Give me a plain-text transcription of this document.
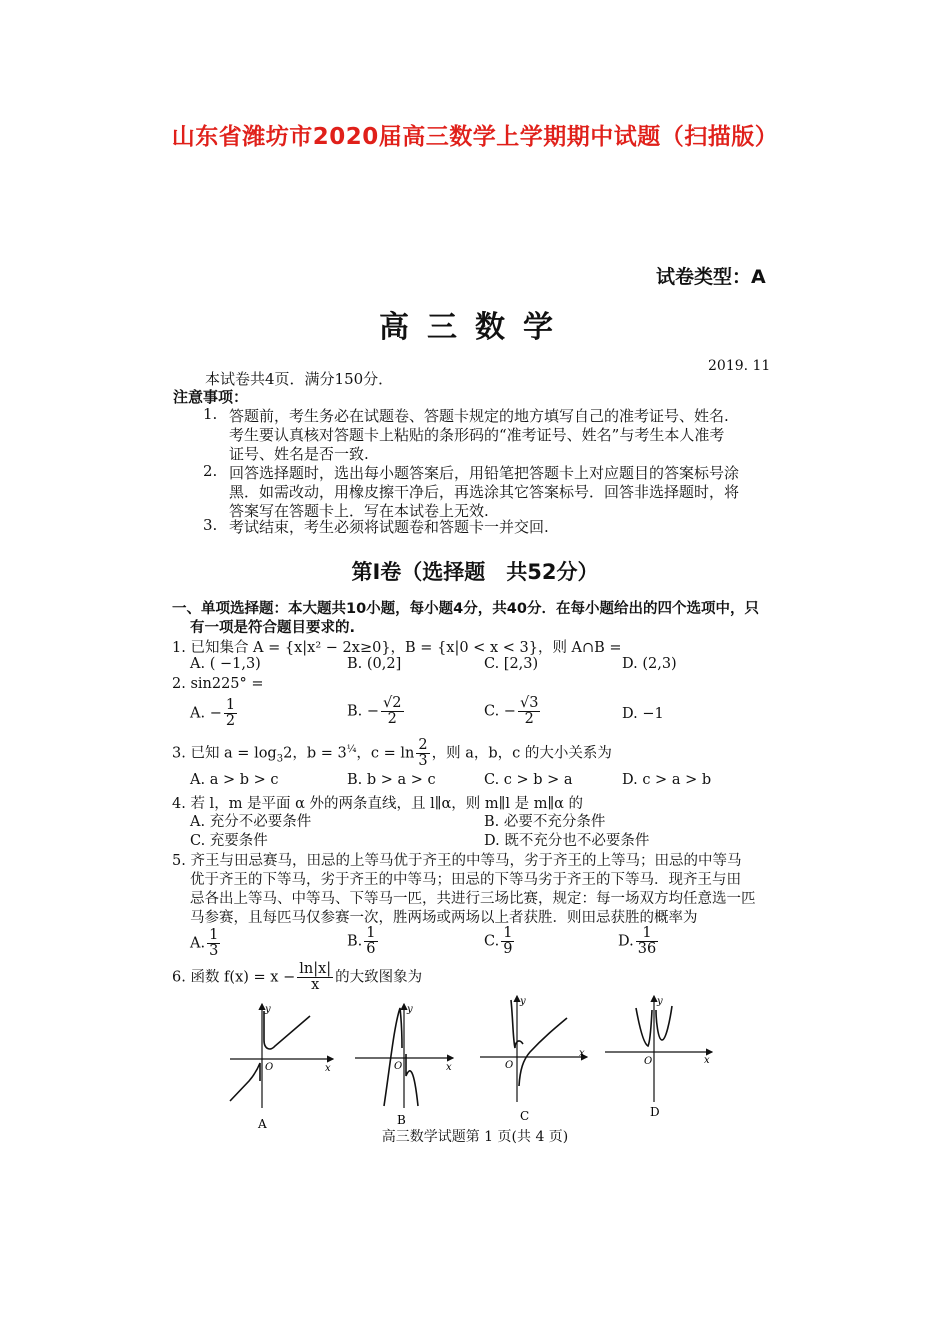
山东省潍坊市2020届高三数学上学期期中试题（扫描版）
试卷类型：A
高三数学
2019. 11
本试卷共4页．满分150分．
注意事项：
1. 答题前，考生务必在试题卷、答题卡规定的地方填写自己的准考证号、姓名.
考生要认真核对答题卡上粘贴的条形码的“准考证号、姓名”与考生本人准考
证号、姓名是否一致.
2. 回答选择题时，选出每小题答案后，用铅笔把答题卡上对应题目的答案标号涂
黑．如需改动，用橡皮擦干净后，再选涂其它答案标号．回答非选择题时，将
答案写在答题卡上．写在本试卷上无效.
3. 考试结束，考生必须将试题卷和答题卡一并交回.
第Ⅰ卷（选择题　共52分）
一、单项选择题：本大题共10小题，每小题4分，共40分．在每小题给出的四个选项中，只
有一项是符合题目要求的.
1. 已知集合 A = {x|x² − 2x≥0}，B = {x|0 < x < 3}，则 A∩B =
A. ( −1,3)	B. (0,2]	C. [2,3)	D. (2,3)
2. sin225° =
A. − $\frac{1}{2}$	B. − $\frac{√2}{2}$	C. − $\frac{√3}{2}$	D. −1
3. 已知 $a = \log_32$，$b = 3^{\frac{1}{4}}$，$c = \ln \frac{2}{3}$ ，则 a，b，c 的大小关系为
A. a > b > c	B. b > a > c	C. c > b > a	D. c > a > b
4. 若 l，m 是平面 α 外的两条直线，且 l∥α，则 m∥l 是 m∥α 的
A. 充分不必要条件	B. 必要不充分条件
C. 充要条件	D. 既不充分也不必要条件
5. 齐王与田忌赛马，田忌的上等马优于齐王的中等马，劣于齐王的上等马；田忌的中等马
优于齐王的下等马，劣于齐王的中等马；田忌的下等马劣于齐王的下等马．现齐王与田
忌各出上等马、中等马、下等马一匹，共进行三场比赛，规定：每一场双方均任意选一匹
马参赛，且每匹马仅参赛一次，胜两场或两场以上者获胜．则田忌获胜的概率为
A. $\frac{1}{3}$	B. $\frac{1}{6}$	C. $\frac{1}{9}$	D. $\frac{1}{36}$
6. 函数 $f(x) = x - \frac{\ln|x|}{x}$ 的大致图象为
O	x
y
A
O	x
y
B
O
x
y
C
O	x
y
D
高三数学试题第 1 页(共 4 页)
